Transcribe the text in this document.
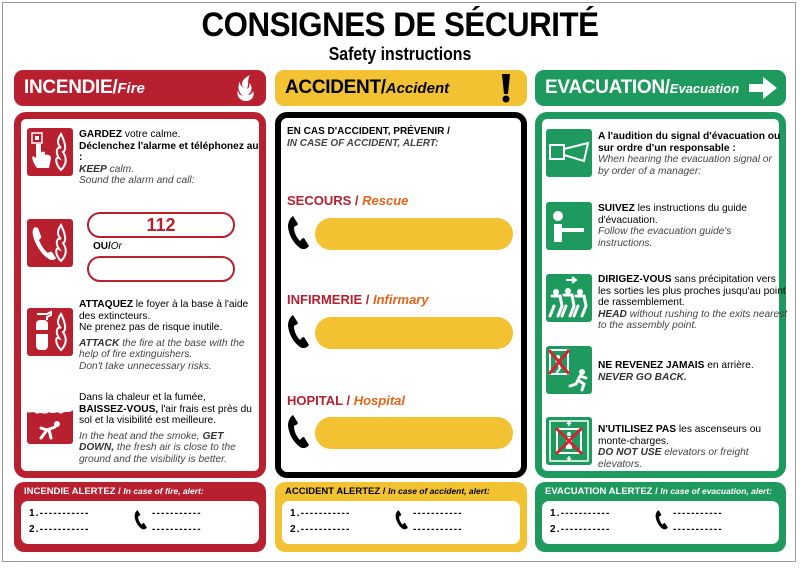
CONSIGNES DE SÉCURITÉ
Safety instructions
INCENDIE/ Fire	ACCIDENT/ Accident	EVACUATION/ Evacuation
GARDEZ votre calme.
Déclenchez l'alarme et téléphonez au :
KEEP calm.
Sound the alarm and call:
112
OU/Or
ATTAQUEZ le foyer à la base à l'aide des extincteurs.
Ne prenez pas de risque inutile.

ATTACK the fire at the base with the help of fire extinguishers.
Don't take unnecessary risks.
Dans la chaleur et la fumée,
BAISSEZ-VOUS, l'air frais est près du sol et la visibilité est meilleure.

In the heat and the smoke, GET DOWN, the fresh air is close to the ground and the visibility is better.
EN CAS D'ACCIDENT, PRÉVENIR /
IN CASE OF ACCIDENT, ALERT:
SECOURS / Rescue
INFIRMERIE / Infirmary
HOPITAL / Hospital
A l'audition du signal d'évacuation ou sur ordre d'un responsable :
When hearing the evacuation signal or by order of a manager:
SUIVEZ les instructions du guide d'évacuation.
Follow the evacuation guide's instructions.
DIRIGEZ-VOUS sans précipitation vers les sorties les plus proches jusqu'au point de rassemblement.
HEAD without rushing to the exits nearest to the assembly point.
NE REVENEZ JAMAIS en arrière.
NEVER GO BACK.
N'UTILISEZ PAS les ascenseurs ou monte-charges.
DO NOT USE elevators or freight elevators.
INCENDIE ALERTEZ / In case of fire, alert:
1.-----------
2.-----------
-----------
-----------
ACCIDENT ALERTEZ / In case of accident, alert:
1.-----------
2.-----------
-----------
-----------
EVACUATION ALERTEZ / In case of evacuation, alert:
1.-----------
2.-----------
-----------
-----------
